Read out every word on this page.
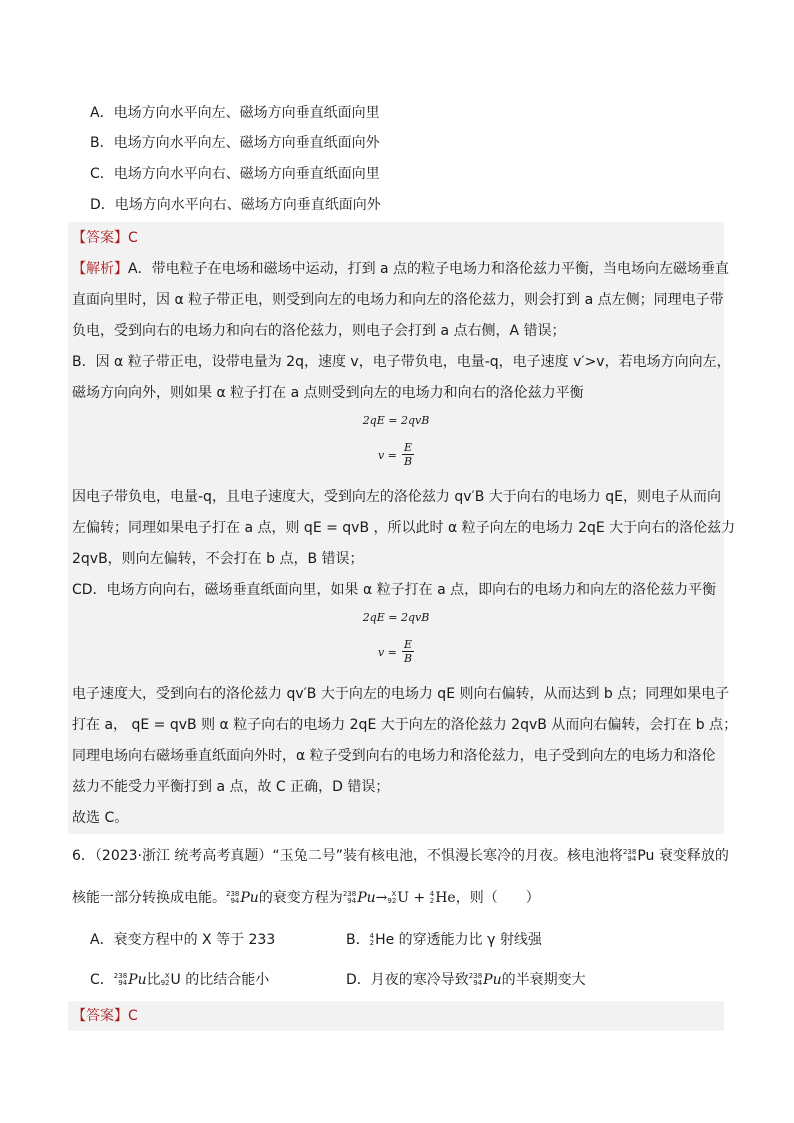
A．电场方向水平向左、磁场方向垂直纸面向里
B．电场方向水平向左、磁场方向垂直纸面向外
C．电场方向水平向右、磁场方向垂直纸面向里
D．电场方向水平向右、磁场方向垂直纸面向外
【答案】C
【解析】A．带电粒子在电场和磁场中运动，打到 a 点的粒子电场力和洛伦兹力平衡，当电场向左磁场垂直
直面向里时，因 α 粒子带正电，则受到向左的电场力和向左的洛伦兹力，则会打到 a 点左侧；同理电子带
负电，受到向右的电场力和向右的洛伦兹力，则电子会打到 a 点右侧，A 错误；
B．因 α 粒子带正电，设带电量为 2q，速度 v，电子带负电，电量-q，电子速度 v′>v，若电场方向向左，
磁场方向向外，则如果 α 粒子打在 a 点则受到向左的电场力和向右的洛伦兹力平衡
2qE = 2qvB
$v = \frac{E}{B}$
因电子带负电，电量-q，且电子速度大，受到向左的洛伦兹力 qv′B 大于向右的电场力 qE，则电子从而向
左偏转；同理如果电子打在 a 点，则 qE = qvB ，所以此时 α 粒子向左的电场力 2qE 大于向右的洛伦兹力
2qvB，则向左偏转，不会打在 b 点，B 错误；
CD．电场方向向右，磁场垂直纸面向里，如果 α 粒子打在 a 点，即向右的电场力和向左的洛伦兹力平衡
2qE = 2qvB
$v = \frac{E}{B}$
电子速度大，受到向右的洛伦兹力 qv′B 大于向左的电场力 qE 则向右偏转，从而达到 b 点；同理如果电子
打在 a， qE = qvB 则 α 粒子向右的电场力 2qE 大于向左的洛伦兹力 2qvB 从而向右偏转，会打在 b 点；
同理电场向右磁场垂直纸面向外时，α 粒子受到向右的电场力和洛伦兹力，电子受到向左的电场力和洛伦
兹力不能受力平衡打到 a 点，故 C 正确，D 错误；
故选 C。
6．（2023·浙江 统考高考真题）“玉兔二号”装有核电池，不惧漫长寒冷的月夜。核电池将 238
94 Pu 衰变释放的
核能一部分转换成电能。 238
94 Pu的衰变方程为 238
94 Pu→ X
92 U + 4
2 He，则（　　）
A．衰变方程中的 X 等于 233	B． 4
2 He 的穿透能力比 γ 射线强
C． 238
94 Pu比 X
92 U 的比结合能小	D．月夜的寒冷导致 238
94 Pu的半衰期变大
【答案】C
